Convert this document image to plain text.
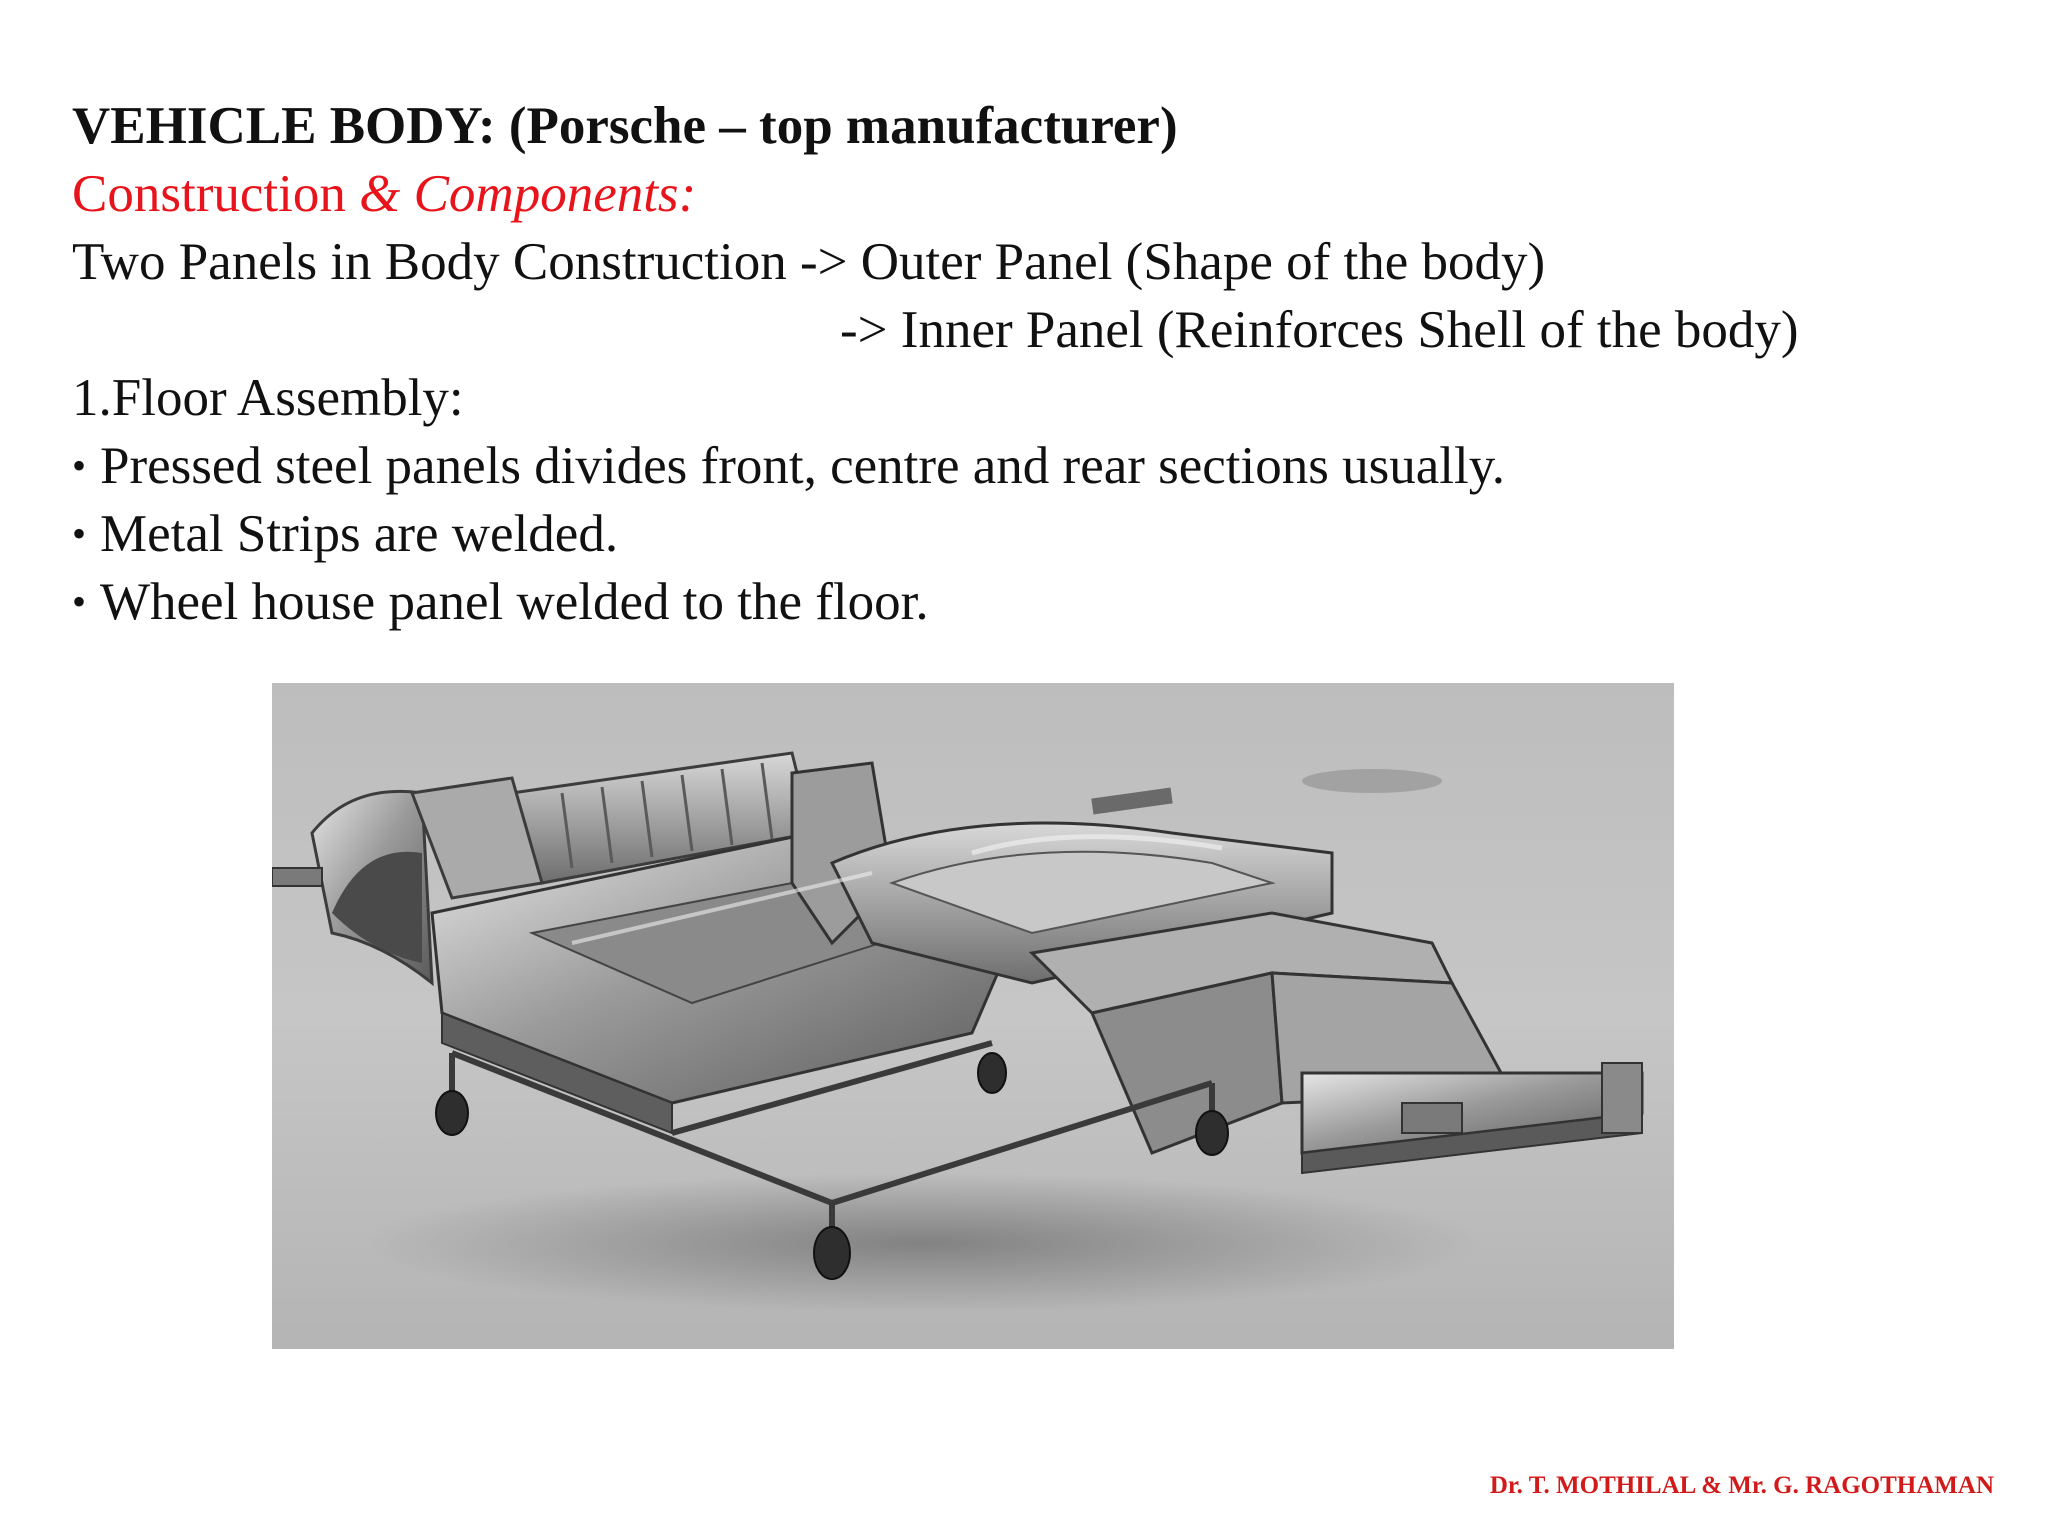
VEHICLE BODY: (Porsche – top manufacturer)
Construction & Components:
Two Panels in Body Construction -> Outer Panel (Shape of the body)
-> Inner Panel (Reinforces Shell of the body)
1.Floor Assembly:
• Pressed steel panels divides front, centre and rear sections usually.
• Metal Strips are welded.
• Wheel house panel welded to the floor.
Dr. T. MOTHILAL & Mr. G. RAGOTHAMAN
